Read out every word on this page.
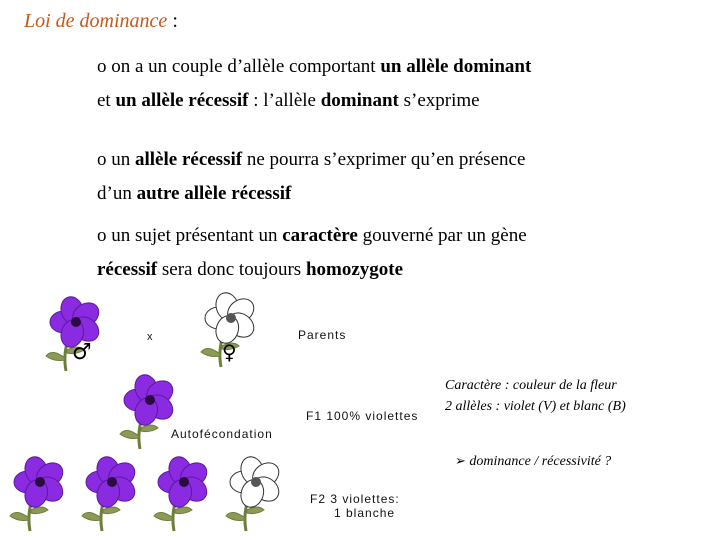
Loi de dominance :
o on a un couple d’allèle comportant un allèle dominant
et un allèle récessif : l’allèle dominant s’exprime
o un allèle récessif ne pourra s’exprimer qu’en présence
d’un autre allèle récessif
o un sujet présentant un caractère gouverné par un gène
récessif sera donc toujours homozygote
♂
x
♀
Parents
Autofécondation
F1 100% violettes
F2 3 violettes:
1 blanche
Caractère : couleur de la fleur
2 allèles : violet (V) et blanc (B)
➢ dominance / récessivité ?
